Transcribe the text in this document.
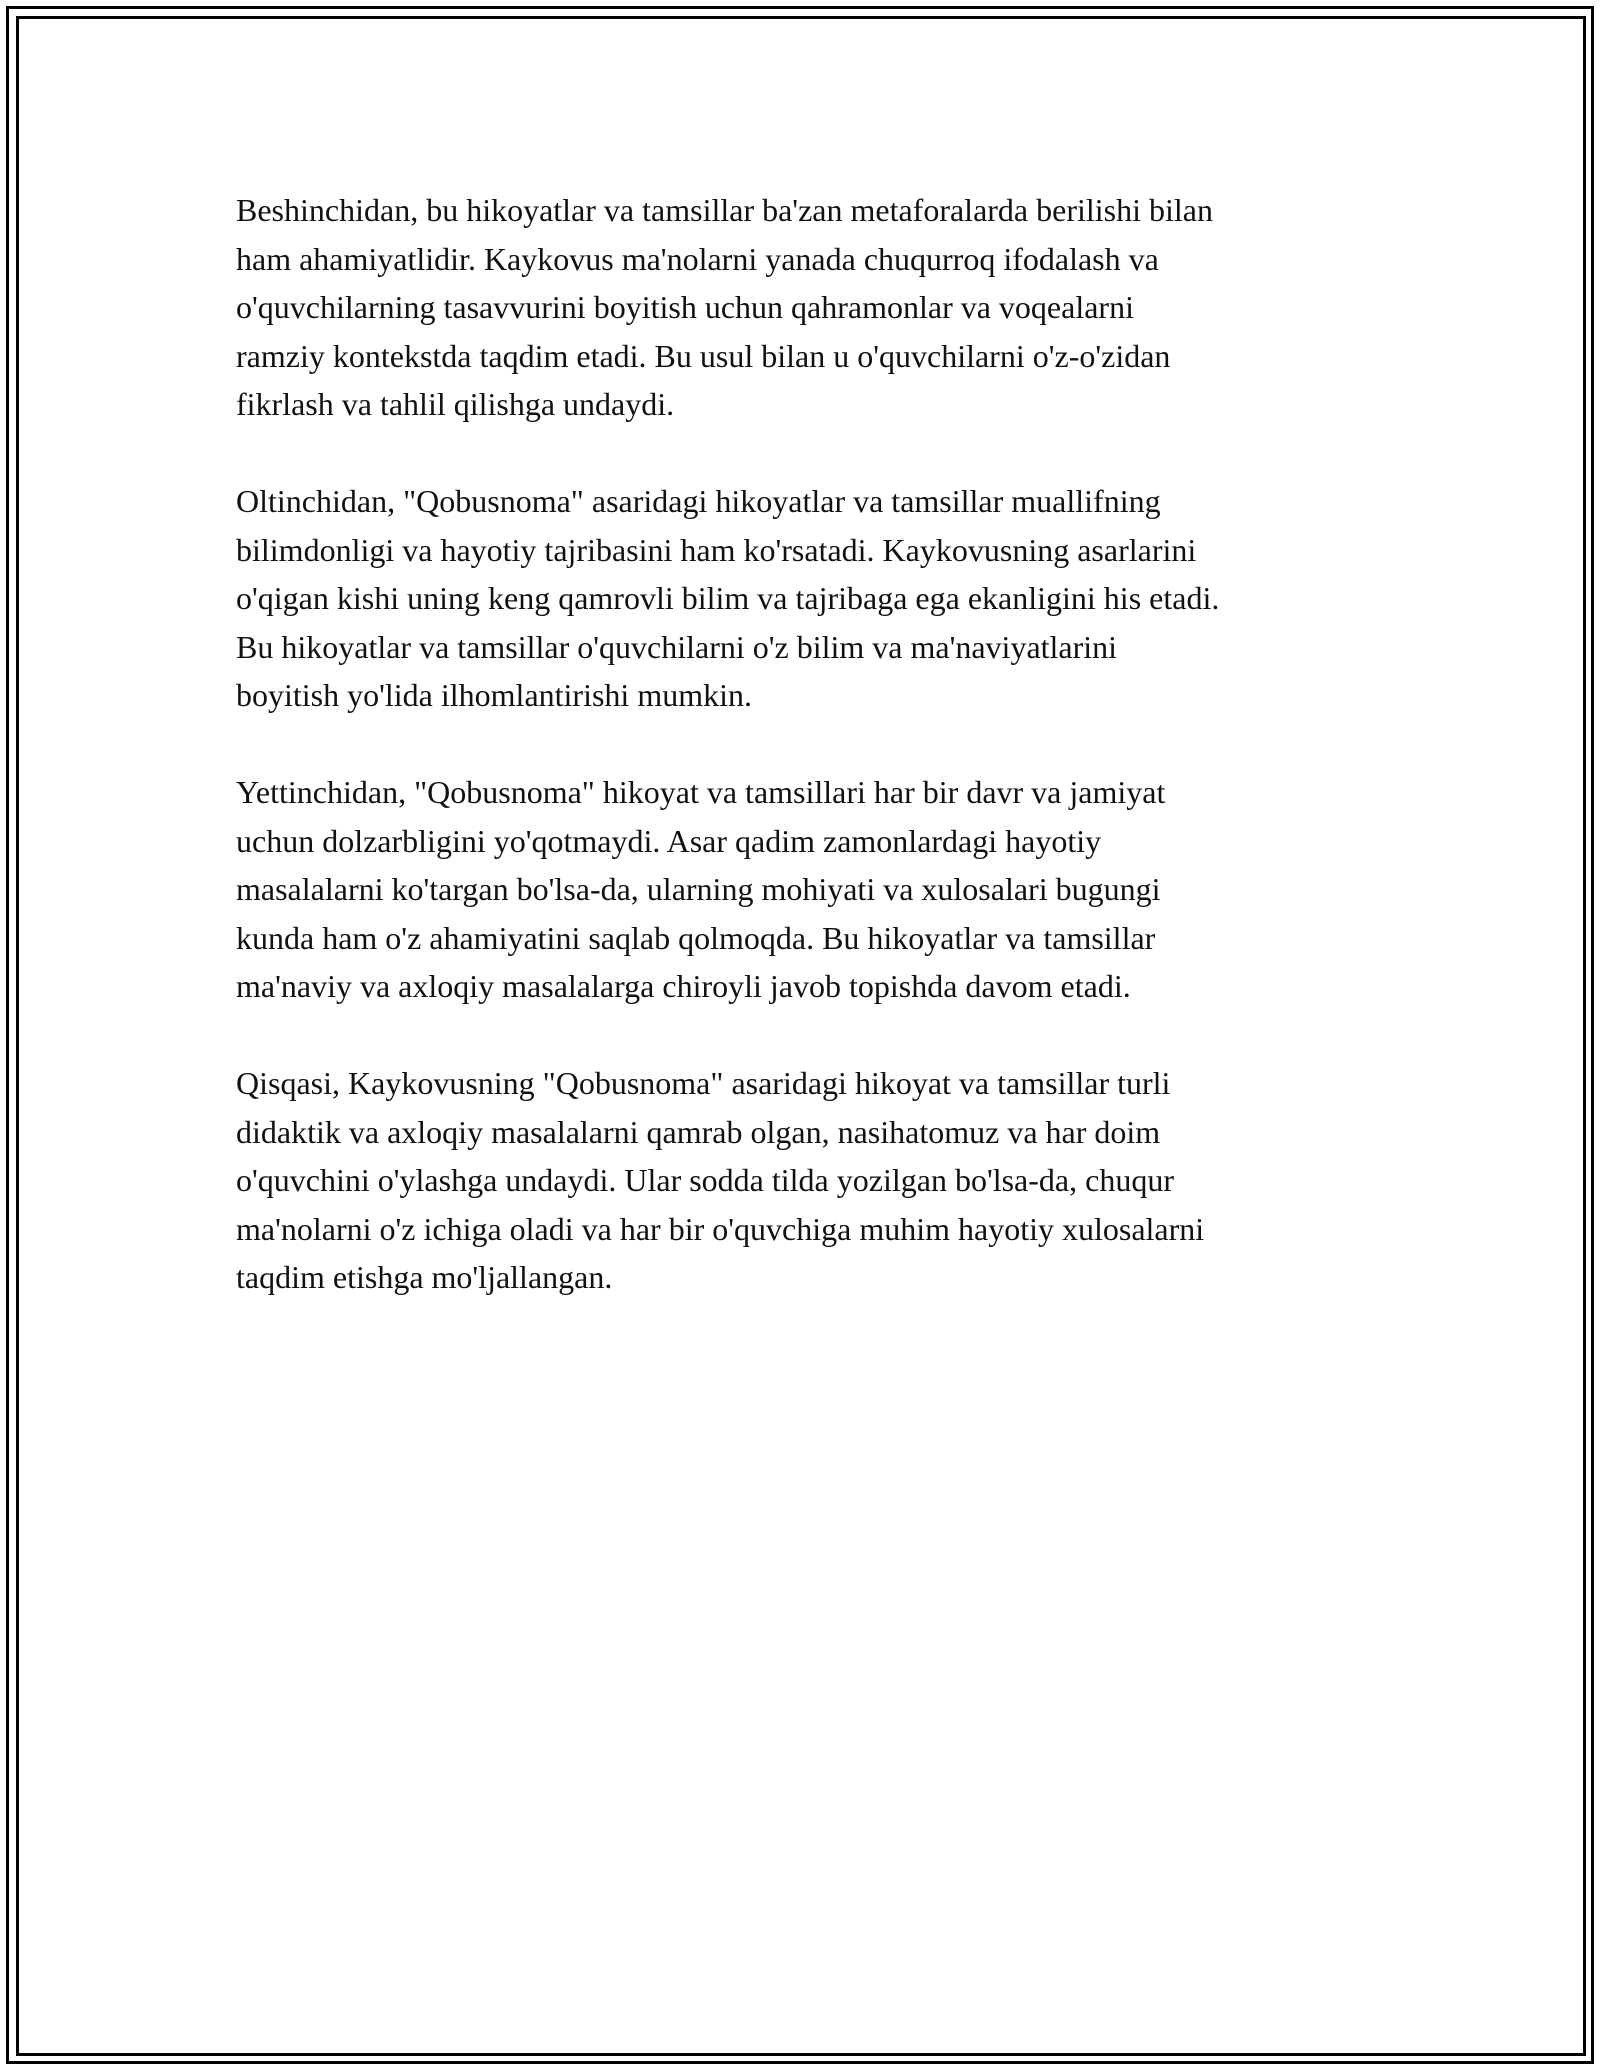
Beshinchidan, bu hikoyatlar va tamsillar ba'zan metaforalarda berilishi bilan
ham ahamiyatlidir. Kaykovus ma'nolarni yanada chuqurroq ifodalash va
o'quvchilarning tasavvurini boyitish uchun qahramonlar va voqealarni
ramziy kontekstda taqdim etadi. Bu usul bilan u o'quvchilarni o'z-o'zidan
fikrlash va tahlil qilishga undaydi.

Oltinchidan, "Qobusnoma" asaridagi hikoyatlar va tamsillar muallifning
bilimdonligi va hayotiy tajribasini ham ko'rsatadi. Kaykovusning asarlarini
o'qigan kishi uning keng qamrovli bilim va tajribaga ega ekanligini his etadi.
Bu hikoyatlar va tamsillar o'quvchilarni o'z bilim va ma'naviyatlarini
boyitish yo'lida ilhomlantirishi mumkin.

Yettinchidan, "Qobusnoma" hikoyat va tamsillari har bir davr va jamiyat
uchun dolzarbligini yo'qotmaydi. Asar qadim zamonlardagi hayotiy
masalalarni ko'targan bo'lsa-da, ularning mohiyati va xulosalari bugungi
kunda ham o'z ahamiyatini saqlab qolmoqda. Bu hikoyatlar va tamsillar
ma'naviy va axloqiy masalalarga chiroyli javob topishda davom etadi.

Qisqasi, Kaykovusning "Qobusnoma" asaridagi hikoyat va tamsillar turli
didaktik va axloqiy masalalarni qamrab olgan, nasihatomuz va har doim
o'quvchini o'ylashga undaydi. Ular sodda tilda yozilgan bo'lsa-da, chuqur
ma'nolarni o'z ichiga oladi va har bir o'quvchiga muhim hayotiy xulosalarni
taqdim etishga mo'ljallangan.
